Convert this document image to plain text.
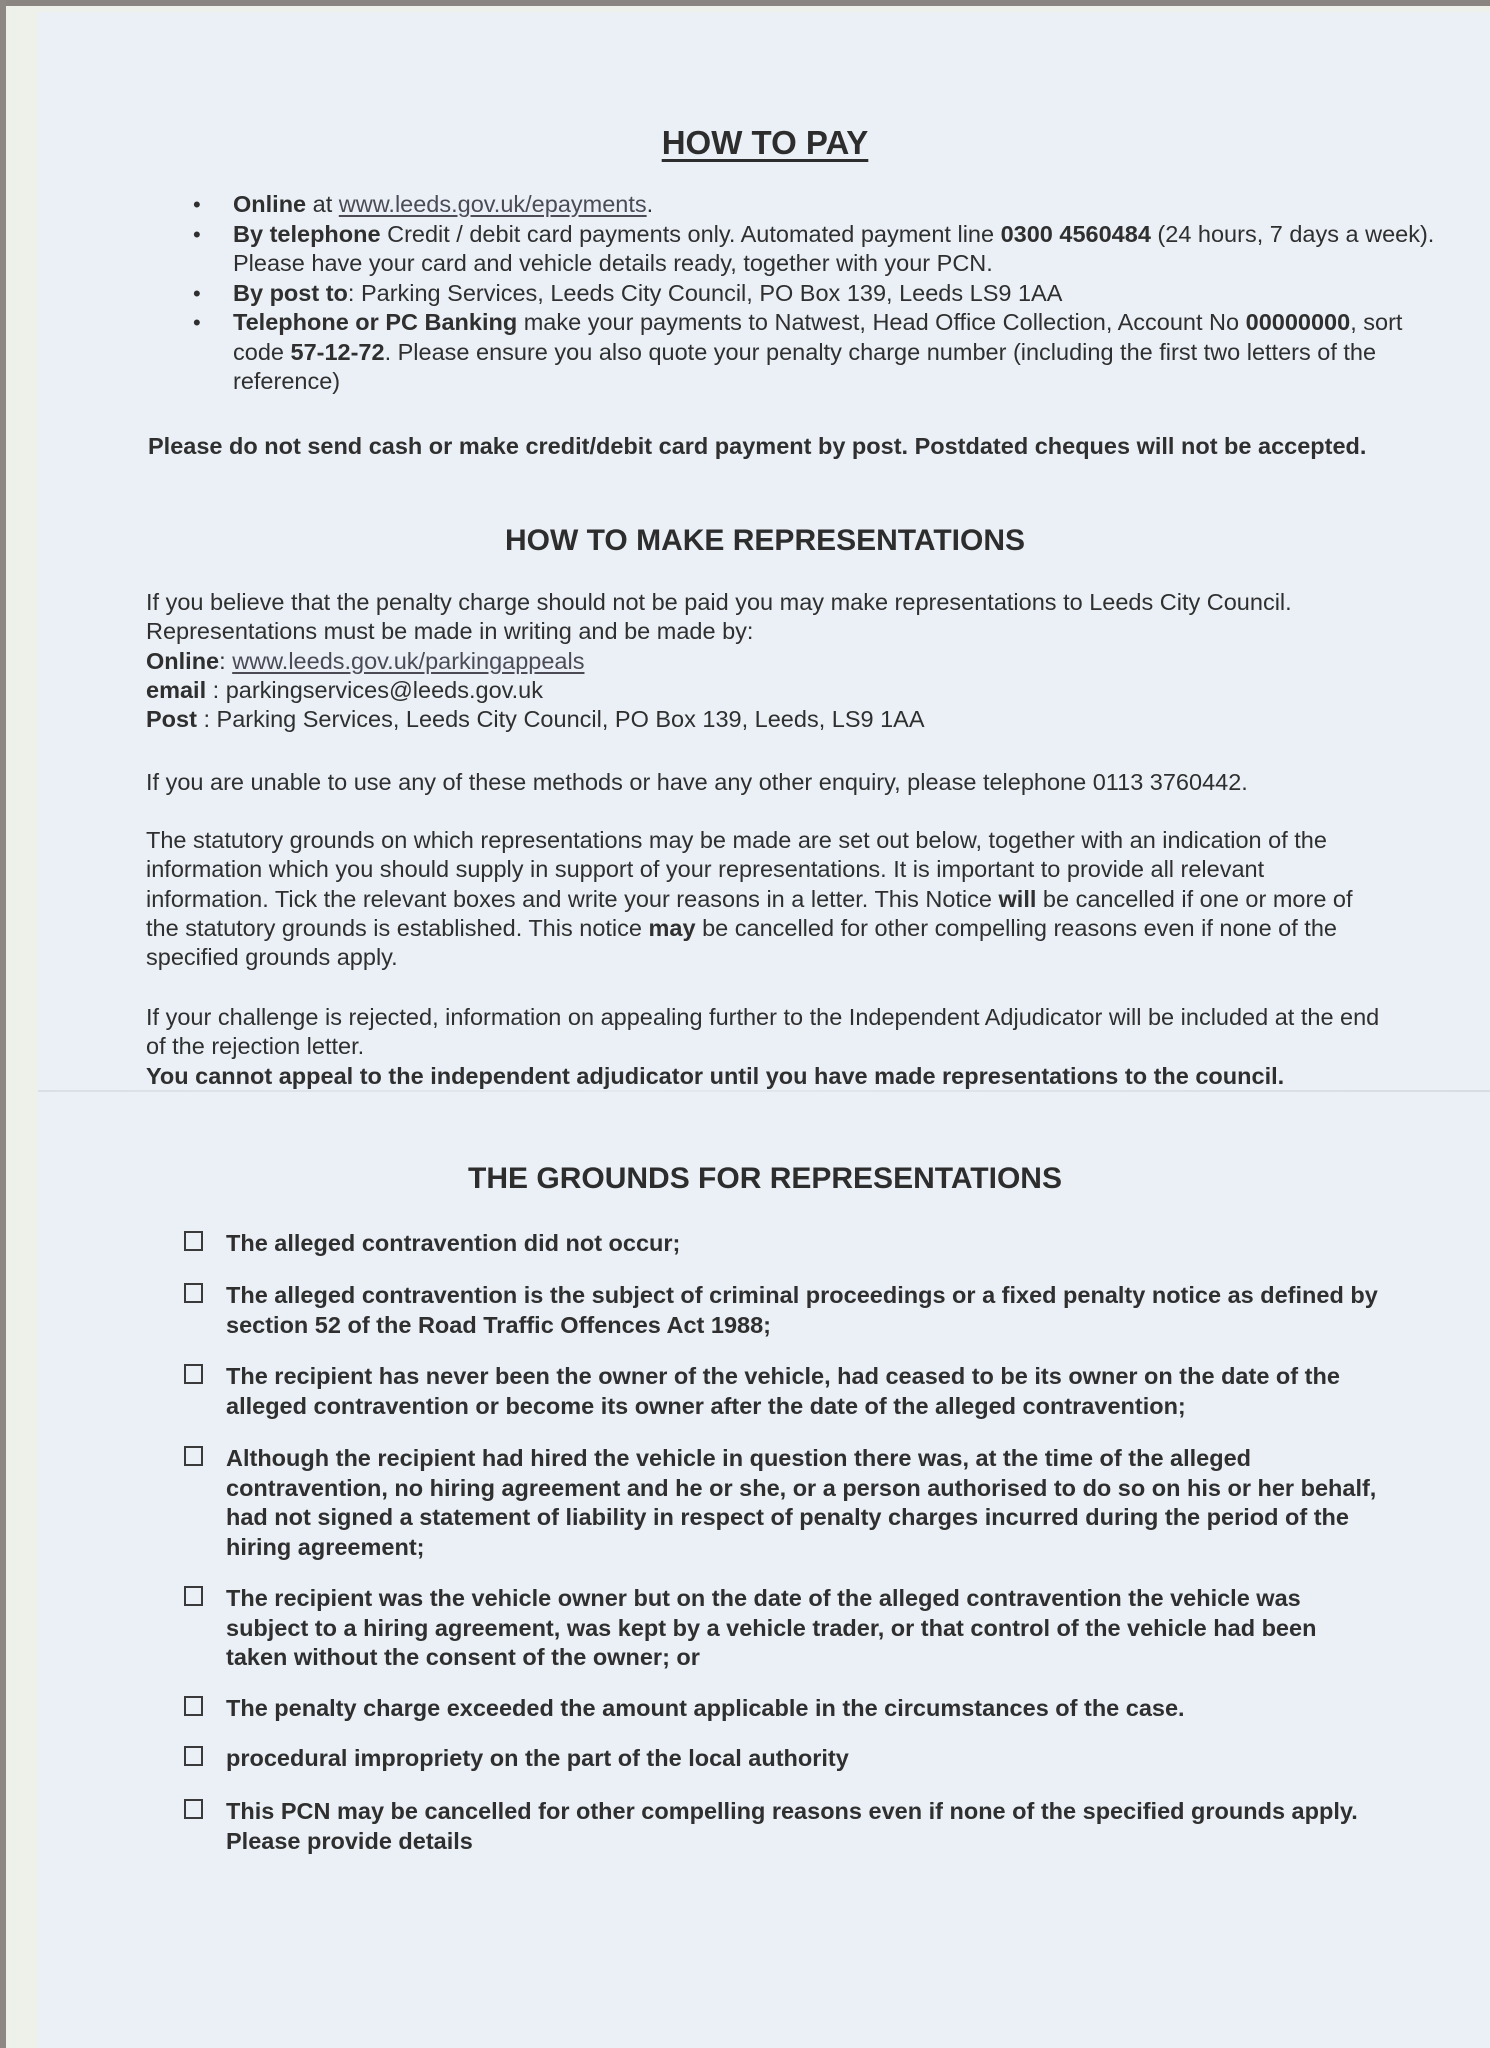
HOW TO PAY
• Online at www.leeds.gov.uk/epayments.
• By telephone Credit / debit card payments only. Automated payment line 0300 4560484 (24 hours, 7 days a week). Please have your card and vehicle details ready, together with your PCN.
• By post to: Parking Services, Leeds City Council, PO Box 139, Leeds LS9 1AA
• Telephone or PC Banking make your payments to Natwest, Head Office Collection, Account No 00000000, sort code 57-12-72. Please ensure you also quote your penalty charge number (including the first two letters of the reference)

Please do not send cash or make credit/debit card payment by post. Postdated cheques will not be accepted.

HOW TO MAKE REPRESENTATIONS
If you believe that the penalty charge should not be paid you may make representations to Leeds City Council. Representations must be made in writing and be made by:
Online: www.leeds.gov.uk/parkingappeals
email : parkingservices@leeds.gov.uk
Post : Parking Services, Leeds City Council, PO Box 139, Leeds, LS9 1AA

If you are unable to use any of these methods or have any other enquiry, please telephone 0113 3760442.

The statutory grounds on which representations may be made are set out below, together with an indication of the information which you should supply in support of your representations. It is important to provide all relevant information. Tick the relevant boxes and write your reasons in a letter. This Notice will be cancelled if one or more of the statutory grounds is established. This notice may be cancelled for other compelling reasons even if none of the specified grounds apply.

If your challenge is rejected, information on appealing further to the Independent Adjudicator will be included at the end of the rejection letter.

You cannot appeal to the independent adjudicator until you have made representations to the council.

THE GROUNDS FOR REPRESENTATIONS
The alleged contravention did not occur;
The alleged contravention is the subject of criminal proceedings or a fixed penalty notice as defined by section 52 of the Road Traffic Offences Act 1988;
The recipient has never been the owner of the vehicle, had ceased to be its owner on the date of the alleged contravention or become its owner after the date of the alleged contravention;
Although the recipient had hired the vehicle in question there was, at the time of the alleged contravention, no hiring agreement and he or she, or a person authorised to do so on his or her behalf, had not signed a statement of liability in respect of penalty charges incurred during the period of the hiring agreement;
The recipient was the vehicle owner but on the date of the alleged contravention the vehicle was subject to a hiring agreement, was kept by a vehicle trader, or that control of the vehicle had been taken without the consent of the owner; or
The penalty charge exceeded the amount applicable in the circumstances of the case.
procedural impropriety on the part of the local authority
This PCN may be cancelled for other compelling reasons even if none of the specified grounds apply. Please provide details
